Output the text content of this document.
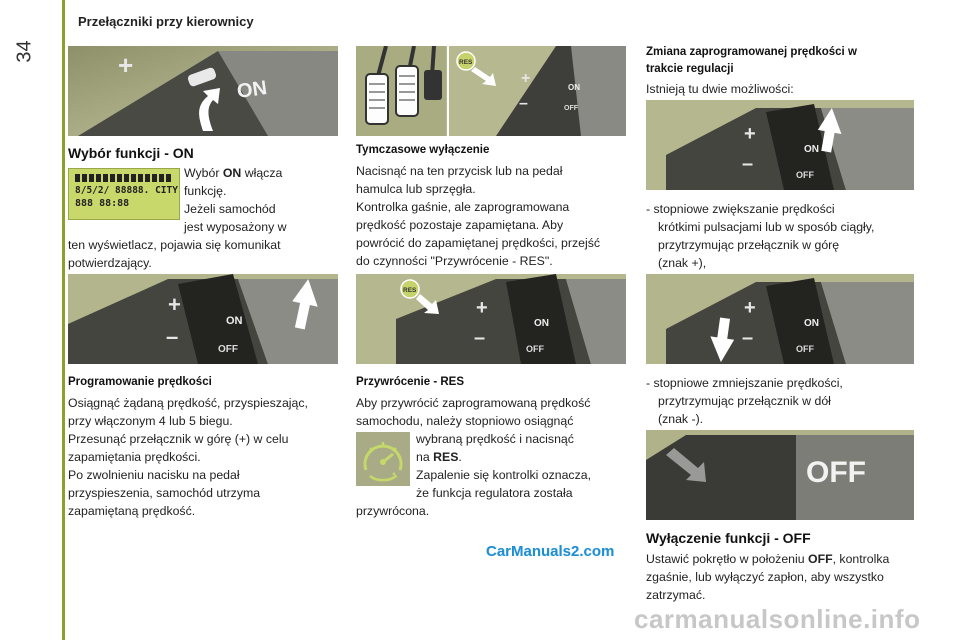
34
Przełączniki przy kierownicy
+
ON
Wybór funkcji - ON
8/5/2/ 88888. CITY
888 88:88
Wybór ON włącza
funkcję.
Jeżeli samochód
jest wyposażony w
ten wyświetlacz, pojawia się komunikat
potwierdzający.
+
–
ON
OFF
Programowanie prędkości
Osiągnąć żądaną prędkość, przyspieszając,
przy włączonym 4 lub 5 biegu.
Przesunąć przełącznik w górę (+) w celu
zapamiętania prędkości.
Po zwolnieniu nacisku na pedał
przyspieszenia, samochód utrzyma
zapamiętaną prędkość.
RES
+
–
ON
OFF
Tymczasowe wyłączenie
Nacisnąć na ten przycisk lub na pedał
hamulca lub sprzęgła.
Kontrolka gaśnie, ale zaprogramowana
prędkość pozostaje zapamiętana. Aby
powrócić do zapamiętanej prędkości, przejść
do czynności "Przywrócenie - RES".
RES
+
–
ON
OFF
Przywrócenie - RES
Aby przywrócić zaprogramowaną prędkość
samochodu, należy stopniowo osiągnąć
wybraną prędkość i nacisnąć
na RES.
Zapalenie się kontrolki oznacza,
że funkcja regulatora została
przywrócona.
CarManuals2.com
Zmiana zaprogramowanej prędkości w
trakcie regulacji
Istnieją tu dwie możliwości:
+
–
ON
OFF
- stopniowe zwiększanie prędkości
krótkimi pulsacjami lub w sposób ciągły,
przytrzymując przełącznik w górę
(znak +),
+
–
ON
OFF
- stopniowe zmniejszanie prędkości,
przytrzymując przełącznik w dół
(znak -).
OFF
Wyłączenie funkcji - OFF
Ustawić pokrętło w położeniu OFF, kontrolka
zgaśnie, lub wyłączyć zapłon, aby wszystko
zatrzymać.
carmanualsonline.info
